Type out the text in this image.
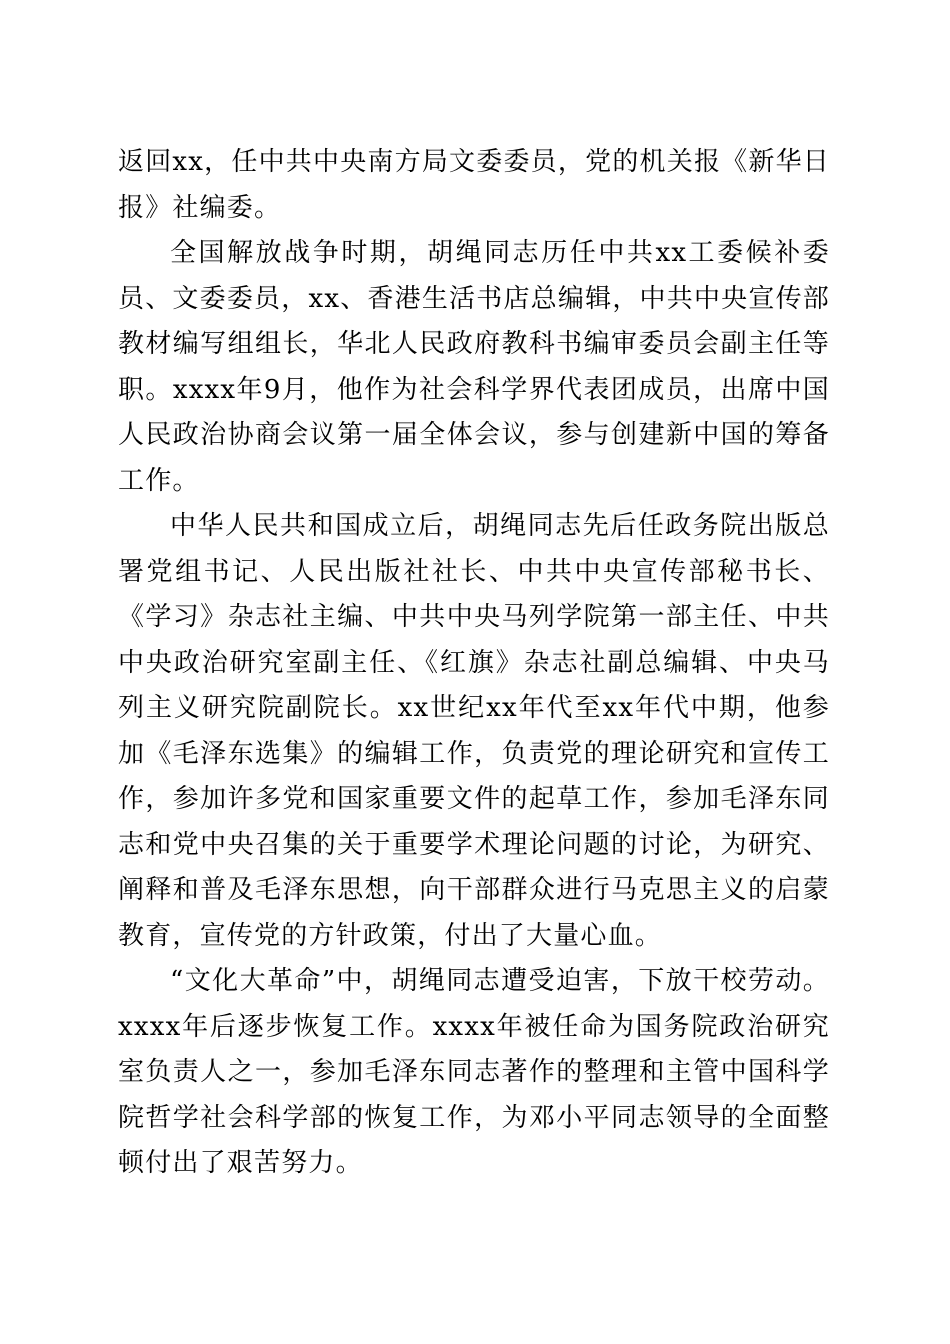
返回xx，任中共中央南方局文委委员，党的机关报《新华日报》社编委。

全国解放战争时期，胡绳同志历任中共xx工委候补委员、文委委员，xx、香港生活书店总编辑，中共中央宣传部教材编写组组长，华北人民政府教科书编审委员会副主任等职。xxxx年9月，他作为社会科学界代表团成员，出席中国人民政治协商会议第一届全体会议，参与创建新中国的筹备工作。

中华人民共和国成立后，胡绳同志先后任政务院出版总署党组书记、人民出版社社长、中共中央宣传部秘书长、《学习》杂志社主编、中共中央马列学院第一部主任、中共中央政治研究室副主任、《红旗》杂志社副总编辑、中央马列主义研究院副院长。xx世纪xx年代至xx年代中期，他参加《毛泽东选集》的编辑工作，负责党的理论研究和宣传工作，参加许多党和国家重要文件的起草工作，参加毛泽东同志和党中央召集的关于重要学术理论问题的讨论，为研究、阐释和普及毛泽东思想，向干部群众进行马克思主义的启蒙教育，宣传党的方针政策，付出了大量心血。

“文化大革命”中，胡绳同志遭受迫害，下放干校劳动。xxxx年后逐步恢复工作。xxxx年被任命为国务院政治研究室负责人之一，参加毛泽东同志著作的整理和主管中国科学院哲学社会科学部的恢复工作，为邓小平同志领导的全面整顿付出了艰苦努力。
